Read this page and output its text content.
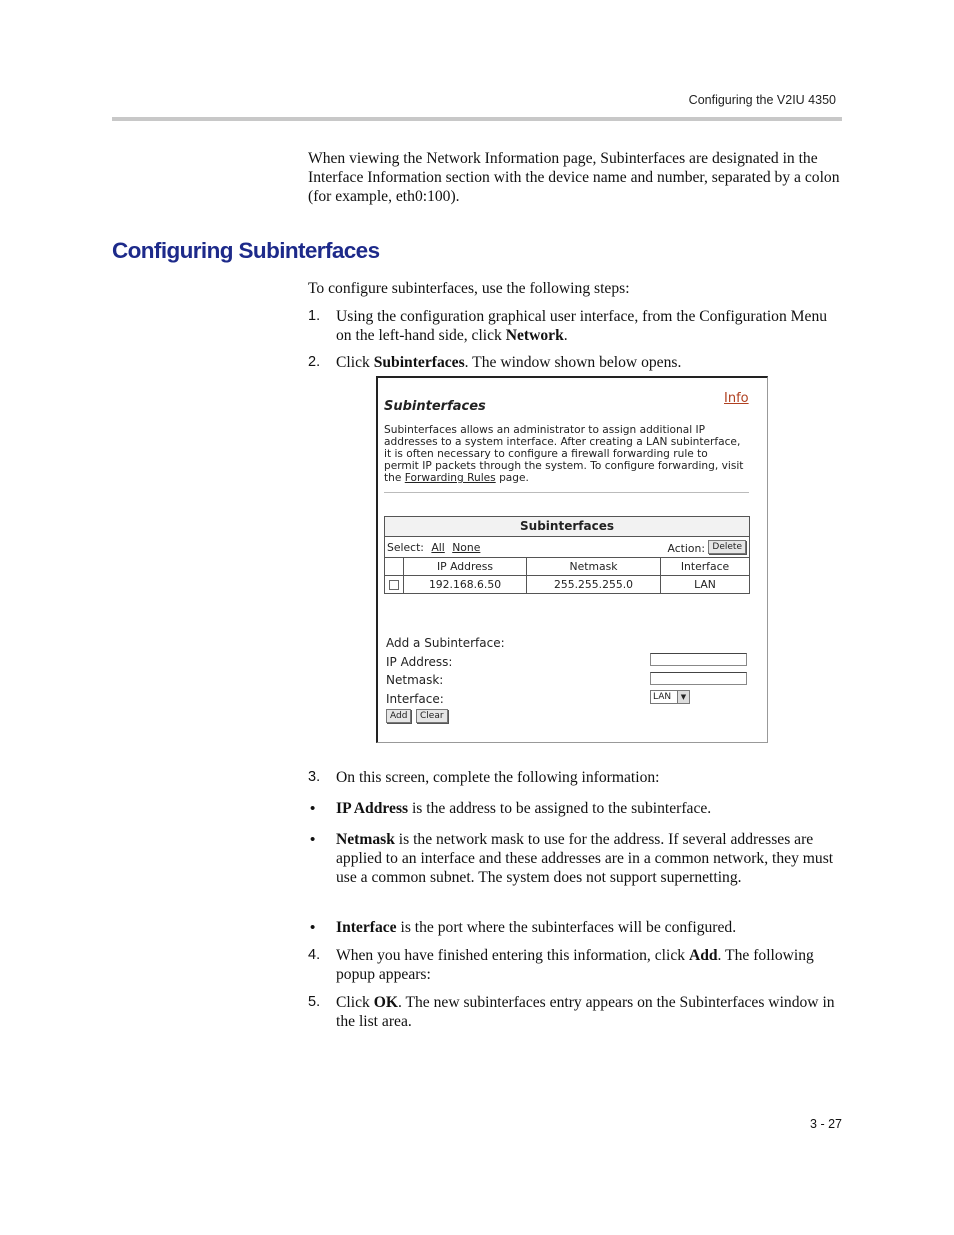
Configuring the V2IU 4350

When viewing the Network Information page, Subinterfaces are designated in the Interface Information section with the device name and number, separated by a colon (for example, eth0:100).

Configuring Subinterfaces

To configure subinterfaces, use the following steps:

1. Using the configuration graphical user interface, from the Configuration Menu on the left-hand side, click Network.
2. Click Subinterfaces. The window shown below opens.
Subinterfaces
Info
Subinterfaces allows an administrator to assign additional IP addresses to a system interface. After creating a LAN subinterface, it is often necessary to configure a firewall forwarding rule to permit IP packets through the system. To configure forwarding, visit the Forwarding Rules page.
Subinterfaces
Select: All None	Action: Delete
	IP Address	Netmask	Interface
	192.168.6.50	255.255.255.0	LAN
Add a Subinterface:
IP Address:
Netmask:
Interface:	LAN	▼
Add	Clear
3. On this screen, complete the following information:
• IP Address is the address to be assigned to the subinterface.
• Netmask is the network mask to use for the address. If several addresses are applied to an interface and these addresses are in a common network, they must use a common subnet. The system does not support supernetting.
• Interface is the port where the subinterfaces will be configured.
4. When you have finished entering this information, click Add. The following popup appears:
5. Click OK. The new subinterfaces entry appears on the Subinterfaces window in the list area.
3 - 27
